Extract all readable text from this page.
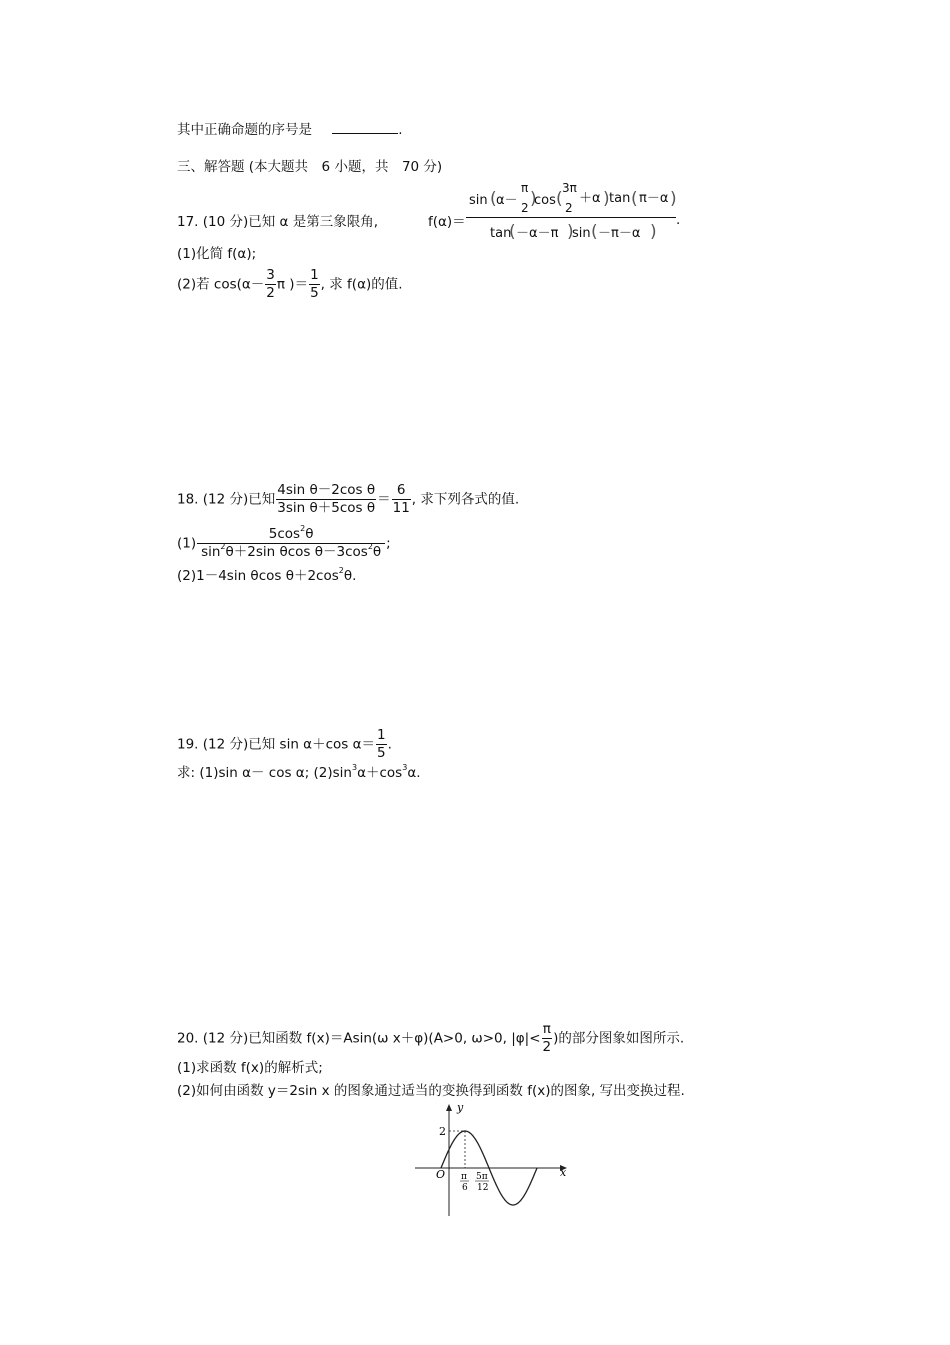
其中正确命题的序号是	.
三、解答题 (本大题共　6 小题，共　70 分)
17. (10 分)已知 α 是第三象限角,	f(α)＝
sin ( α－
π
2 )
cos (
3π
2
＋α ) tan ( π－α )
tan
( －α－π )
sin ( －π－α )
.
(1)化简 f(α);
(2)若 $\cos(\alpha- \frac{3}{2}$ π )＝ $\frac{1}{5}$ , 求 f(α)的值.
18. (12 分)已知 $\frac{\text{4sin θ－2cos θ}}{\text{3sin θ＋5cos θ}} = \frac{6}{11}$ , 求下列各式的值.
$(1) \frac{5\cos^2\theta}{\sin^2\theta+2\sin \theta\cos \theta-3\cos^2\theta}$ ;
(2)1－4sin θcos $\theta+2\cos^2\theta$.
19. (12 分)已知 sin α＋cos $\alpha= \frac{1}{5}$ .
求: (1)sin α－ cos α; $(2)\sin^3\alpha+\cos^3\alpha$.
20. (12 分)已知函数 f(x)＝Asin(ω x＋φ)(A>0, ω>0, $|\varphi|< \frac{\pi}{2}$ )的部分图象如图所示.
(1)求函数 f(x)的解析式;
(2)如何由函数 y＝2sin x 的图象通过适当的变换得到函数 f(x)的图象, 写出变换过程.
y
x
O
2
π
6
5π
12
